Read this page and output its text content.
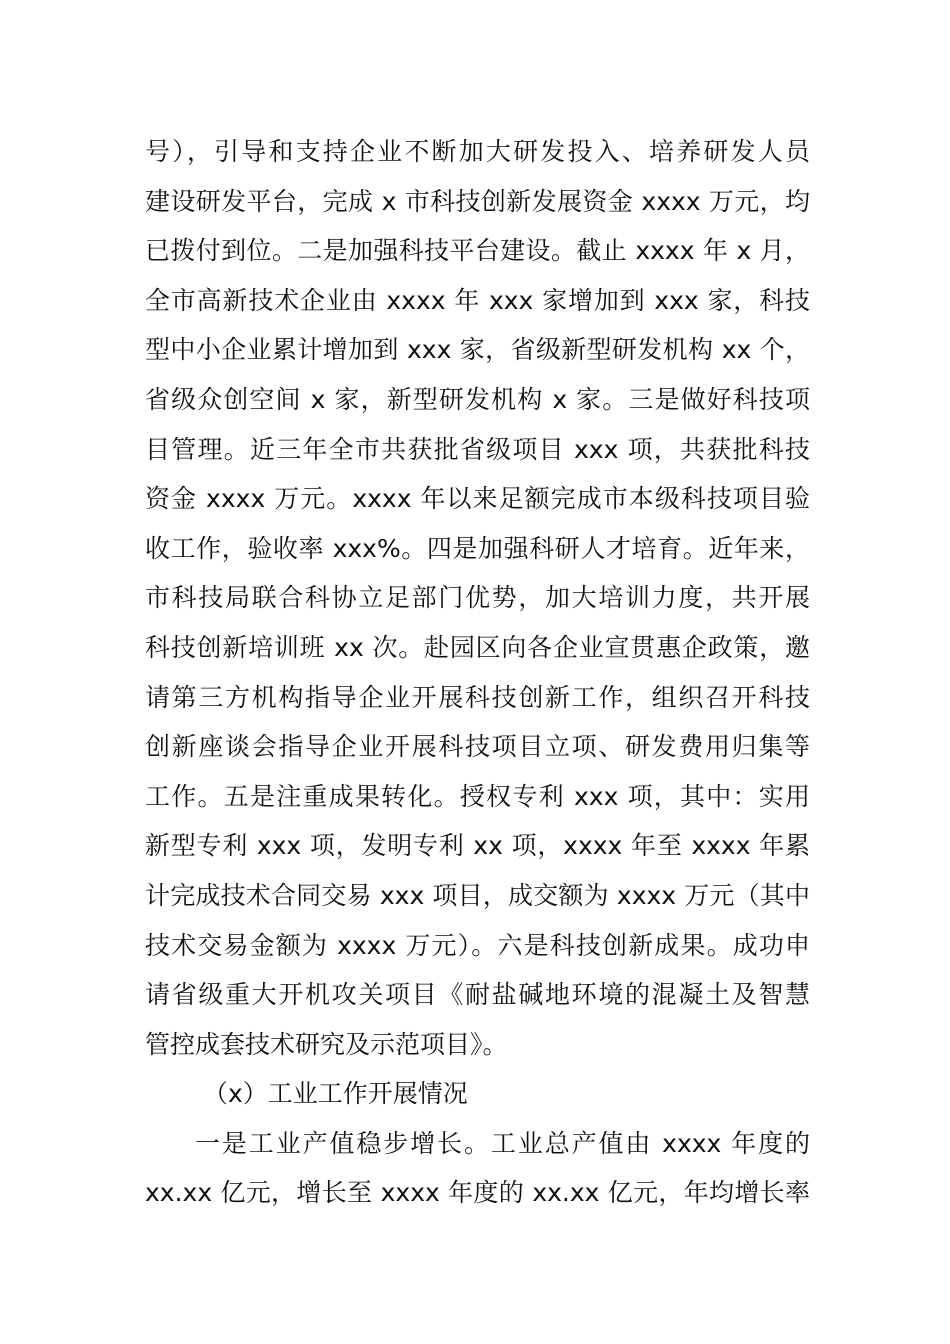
号），引导和支持企业不断加大研发投入、培养研发人员
建设研发平台，完成 x 市科技创新发展资金 xxxx 万元，均
已拨付到位。二是加强科技平台建设。截止 xxxx 年 x 月，
全市高新技术企业由 xxxx 年 xxx 家增加到 xxx 家，科技
型中小企业累计增加到 xxx 家，省级新型研发机构 xx 个，
省级众创空间 x 家，新型研发机构 x 家。三是做好科技项
目管理。近三年全市共获批省级项目 xxx 项，共获批科技
资金 xxxx 万元。xxxx 年以来足额完成市本级科技项目验
收工作，验收率 xxx%。四是加强科研人才培育。近年来，
市科技局联合科协立足部门优势，加大培训力度，共开展
科技创新培训班 xx 次。赴园区向各企业宣贯惠企政策，邀
请第三方机构指导企业开展科技创新工作，组织召开科技
创新座谈会指导企业开展科技项目立项、研发费用归集等
工作。五是注重成果转化。授权专利 xxx 项，其中：实用
新型专利 xxx 项，发明专利 xx 项，xxxx 年至 xxxx 年累
计完成技术合同交易 xxx 项目，成交额为 xxxx 万元（其中
技术交易金额为 xxxx 万元）。六是科技创新成果。成功申
请省级重大开机攻关项目《耐盐碱地环境的混凝土及智慧
管控成套技术研究及示范项目》。
（x）工业工作开展情况
一是工业产值稳步增长。工业总产值由 xxxx 年度的
xx.xx 亿元，增长至 xxxx 年度的 xx.xx 亿元，年均增长率
